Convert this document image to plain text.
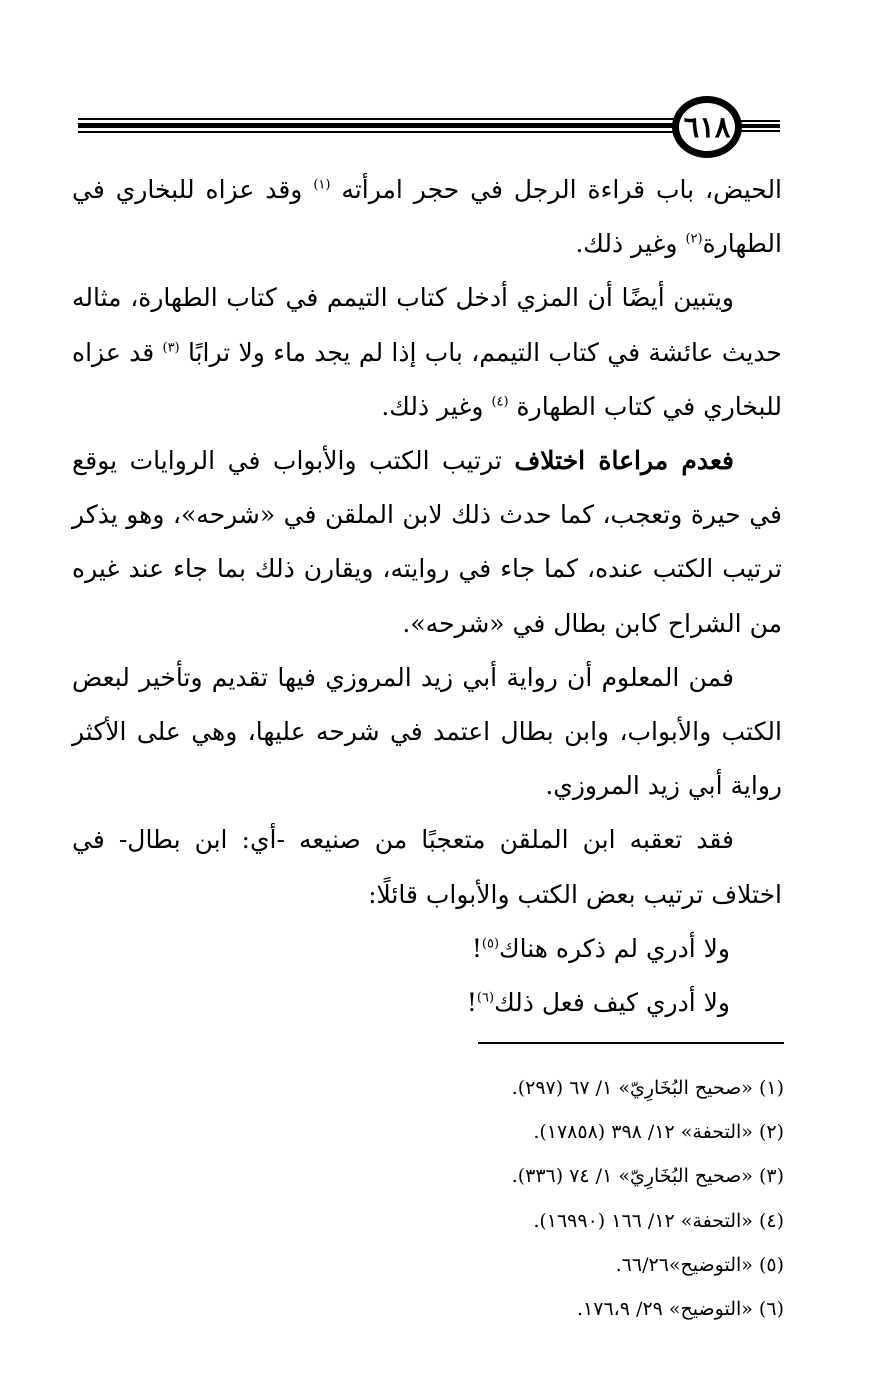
٦١٨

الحيض، باب قراءة الرجل في حجر امرأته $^{(١)}$ وقد عزاه للبخاري في الطهارة$^{(٢)}$ وغير ذلك.

ويتبين أيضًا أن المزي أدخل كتاب التيمم في كتاب الطهارة، مثاله حديث عائشة في كتاب التيمم، باب إذا لم يجد ماء ولا ترابًا $^{(٣)}$ قد عزاه للبخاري في كتاب الطهارة $^{(٤)}$ وغير ذلك.

فعدم مراعاة اختلاف ترتيب الكتب والأبواب في الروايات يوقع في حيرة وتعجب، كما حدث ذلك لابن الملقن في «شرحه»، وهو يذكر ترتيب الكتب عنده، كما جاء في روايته، ويقارن ذلك بما جاء عند غيره من الشراح كابن بطال في «شرحه».

فمن المعلوم أن رواية أبي زيد المروزي فيها تقديم وتأخير لبعض الكتب والأبواب، وابن بطال اعتمد في شرحه عليها، وهي على الأكثر رواية أبي زيد المروزي.

فقد تعقبه ابن الملقن متعجبًا من صنيعه -أي: ابن بطال- في اختلاف ترتيب بعض الكتب والأبواب قائلًا:

ولا أدري لم ذكره هناك$^{(٥)}$!

ولا أدري كيف فعل ذلك$^{(٦)}$!

(١) «صحيح البُخَارِيّ» ١/ ٦٧ (٢٩٧).
(٢) «التحفة» ١٢/ ٣٩٨ (١٧٨٥٨).
(٣) «صحيح البُخَارِيّ» ١/ ٧٤ (٣٣٦).
(٤) «التحفة» ١٢/ ١٦٦ (١٦٩٩٠).
(٥) «التوضيح»٦٦/٢٦.
(٦) «التوضيح» ٢٩/ ١٧٦،٩.
